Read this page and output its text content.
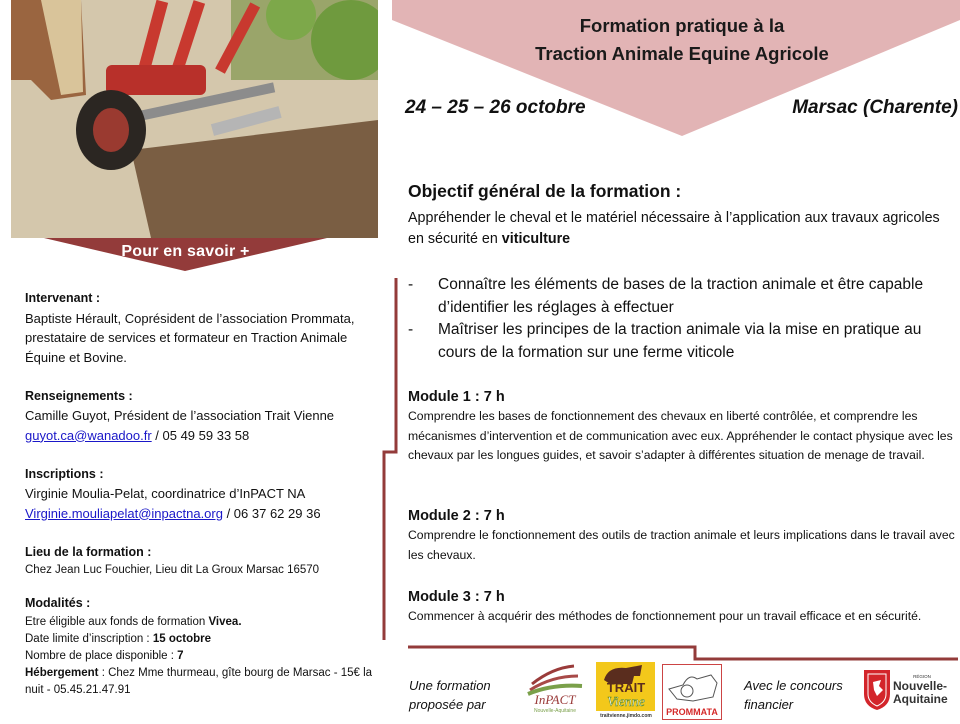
Formation pratique à la
Traction Animale Equine Agricole
24 – 25 – 26 octobre	Marsac (Charente)
Pour en savoir +
Intervenant :
Baptiste Hérault, Coprésident de l’association Prommata, prestataire de services et formateur en Traction Animale Équine et Bovine.
Renseignements :
Camille Guyot, Président de l’association Trait Vienne
guyot.ca@wanadoo.fr / 05 49 59 33 58
Inscriptions :
Virginie Moulia-Pelat, coordinatrice d’InPACT NA
Virginie.mouliapelat@inpactna.org / 06 37 62 29 36
Lieu de la formation :
Chez Jean Luc Fouchier, Lieu dit La Groux Marsac 16570
Modalités :
Etre éligible aux fonds de formation Vivea.
Date limite d’inscription : 15 octobre
Nombre de place disponible : 7
Hébergement : Chez Mme thurmeau, gîte bourg de Marsac - 15€ la nuit - 05.45.21.47.91
Objectif général de la formation :
Appréhender le cheval et le matériel nécessaire à l’application aux travaux agricoles en sécurité en viticulture
- Connaître les éléments de bases de la traction animale et être capable d’identifier les réglages à effectuer
- Maîtriser les principes de la traction animale via la mise en pratique au cours de la formation sur une ferme viticole
Module 1 : 7 h
Comprendre les bases de fonctionnement des chevaux en liberté contrôlée, et comprendre les mécanismes d’intervention et de communication avec eux. Appréhender le contact physique avec les chevaux par les longues guides, et savoir s’adapter à différentes situation de menage de travail.
Module 2 : 7 h
Comprendre le fonctionnement des outils de traction animale et leurs implications dans le travail avec les chevaux.
Module 3 : 7 h
Commencer à acquérir des méthodes de fonctionnement pour un travail efficace et en sécurité.
Une formation proposée par	InPACT
Nouvelle-Aquitaine
TRAIT
Vienne
traitvienne.jimdo.com PROMMATA
Avec le concours financier
RÉGION
Nouvelle-
Aquitaine
